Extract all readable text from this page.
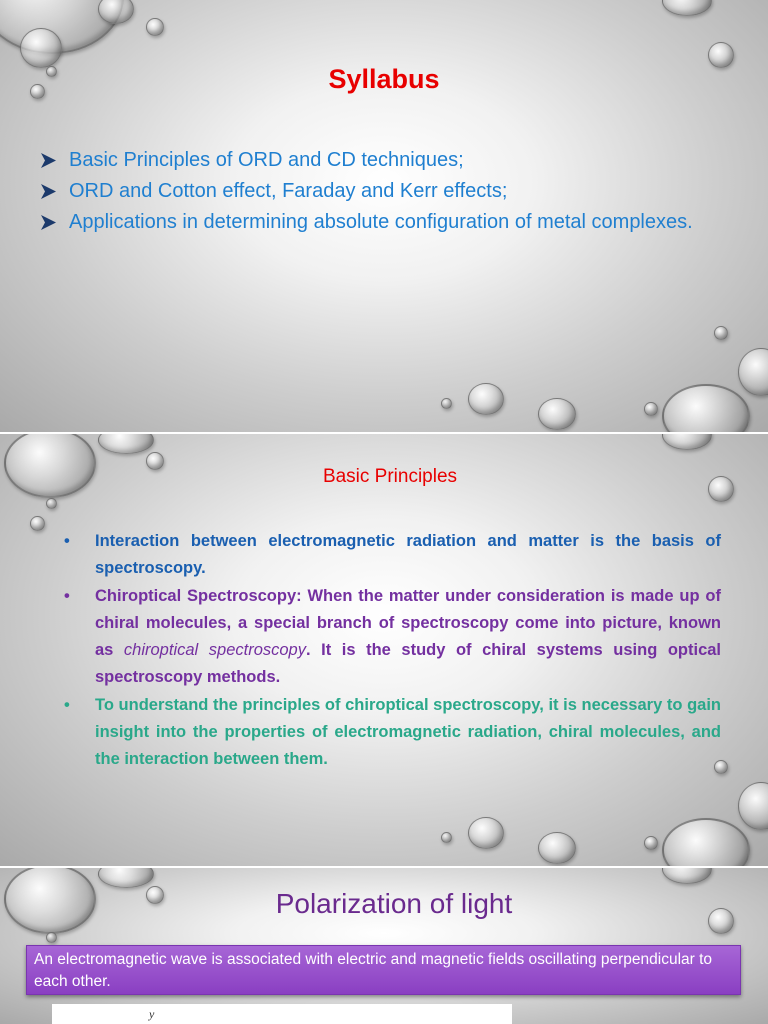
Syllabus
Basic Principles of ORD and CD techniques;
ORD and Cotton effect, Faraday and Kerr effects;
Applications in determining absolute configuration of metal complexes.
Basic Principles
• Interaction between electromagnetic radiation and matter is the basis of spectroscopy.
• Chiroptical Spectroscopy: When the matter under consideration is made up of chiral molecules, a special branch of spectroscopy come into picture, known as chiroptical spectroscopy. It is the study of chiral systems using optical spectroscopy methods.
• To understand the principles of chiroptical spectroscopy, it is necessary to gain insight into the properties of electromagnetic radiation, chiral molecules, and the interaction between them.
Polarization of light
An electromagnetic wave is associated with electric and magnetic fields oscillating perpendicular to each other.
y
